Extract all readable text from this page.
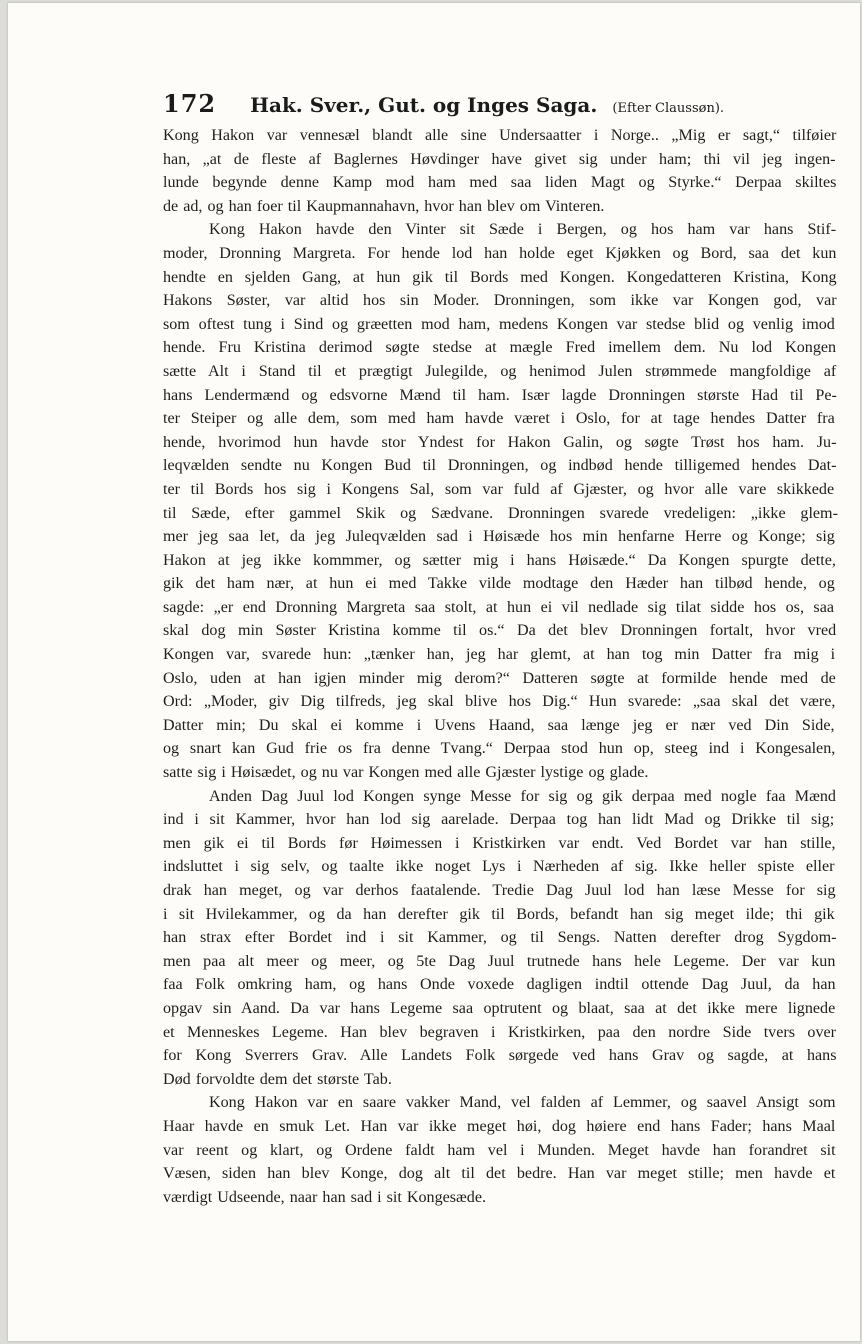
172 Hak. Sver., Gut. og Inges Saga. (Efter Claussøn).
Kong Hakon var vennesæl blandt alle sine Undersaatter i Norge.. „Mig er sagt,“ tilføier
han, „at de fleste af Baglernes Høvdinger have givet sig under ham; thi vil jeg ingen-
lunde begynde denne Kamp mod ham med saa liden Magt og Styrke.“ Derpaa skiltes
de ad, og han foer til Kaupmannahavn, hvor han blev om Vinteren.
Kong Hakon havde den Vinter sit Sæde i Bergen, og hos ham var hans Stif-
moder, Dronning Margreta. For hende lod han holde eget Kjøkken og Bord, saa det kun
hendte en sjelden Gang, at hun gik til Bords med Kongen. Kongedatteren Kristina, Kong
Hakons Søster, var altid hos sin Moder. Dronningen, som ikke var Kongen god, var
som oftest tung i Sind og græetten mod ham, medens Kongen var stedse blid og venlig imod
hende. Fru Kristina derimod søgte stedse at mægle Fred imellem dem. Nu lod Kongen
sætte Alt i Stand til et prægtigt Julegilde, og henimod Julen strømmede mangfoldige af
hans Lendermænd og edsvorne Mænd til ham. Især lagde Dronningen største Had til Pe-
ter Steiper og alle dem, som med ham havde været i Oslo, for at tage hendes Datter fra
hende, hvorimod hun havde stor Yndest for Hakon Galin, og søgte Trøst hos ham. Ju-
leqvælden sendte nu Kongen Bud til Dronningen, og indbød hende tilligemed hendes Dat-
ter til Bords hos sig i Kongens Sal, som var fuld af Gjæster, og hvor alle vare skikkede
til Sæde, efter gammel Skik og Sædvane. Dronningen svarede vredeligen: „ikke glem-
mer jeg saa let, da jeg Juleqvælden sad i Høisæde hos min henfarne Herre og Konge; sig
Hakon at jeg ikke kommmer, og sætter mig i hans Høisæde.“ Da Kongen spurgte dette,
gik det ham nær, at hun ei med Takke vilde modtage den Hæder han tilbød hende, og
sagde: „er end Dronning Margreta saa stolt, at hun ei vil nedlade sig tilat sidde hos os, saa
skal dog min Søster Kristina komme til os.“ Da det blev Dronningen fortalt, hvor vred
Kongen var, svarede hun: „tænker han, jeg har glemt, at han tog min Datter fra mig i
Oslo, uden at han igjen minder mig derom?“ Datteren søgte at formilde hende med de
Ord: „Moder, giv Dig tilfreds, jeg skal blive hos Dig.“ Hun svarede: „saa skal det være,
Datter min; Du skal ei komme i Uvens Haand, saa længe jeg er nær ved Din Side,
og snart kan Gud frie os fra denne Tvang.“ Derpaa stod hun op, steeg ind i Kongesalen,
satte sig i Høisædet, og nu var Kongen med alle Gjæster lystige og glade.
Anden Dag Juul lod Kongen synge Messe for sig og gik derpaa med nogle faa Mænd
ind i sit Kammer, hvor han lod sig aarelade. Derpaa tog han lidt Mad og Drikke til sig;
men gik ei til Bords før Høimessen i Kristkirken var endt. Ved Bordet var han stille,
indsluttet i sig selv, og taalte ikke noget Lys i Nærheden af sig. Ikke heller spiste eller
drak han meget, og var derhos faatalende. Tredie Dag Juul lod han læse Messe for sig
i sit Hvilekammer, og da han derefter gik til Bords, befandt han sig meget ilde; thi gik
han strax efter Bordet ind i sit Kammer, og til Sengs. Natten derefter drog Sygdom-
men paa alt meer og meer, og 5te Dag Juul trutnede hans hele Legeme. Der var kun
faa Folk omkring ham, og hans Onde voxede dagligen indtil ottende Dag Juul, da han
opgav sin Aand. Da var hans Legeme saa optrutent og blaat, saa at det ikke mere lignede
et Menneskes Legeme. Han blev begraven i Kristkirken, paa den nordre Side tvers over
for Kong Sverrers Grav. Alle Landets Folk sørgede ved hans Grav og sagde, at hans
Død forvoldte dem det største Tab.
Kong Hakon var en saare vakker Mand, vel falden af Lemmer, og saavel Ansigt som
Haar havde en smuk Let. Han var ikke meget høi, dog høiere end hans Fader; hans Maal
var reent og klart, og Ordene faldt ham vel i Munden. Meget havde han forandret sit
Væsen, siden han blev Konge, dog alt til det bedre. Han var meget stille; men havde et
værdigt Udseende, naar han sad i sit Kongesæde.
